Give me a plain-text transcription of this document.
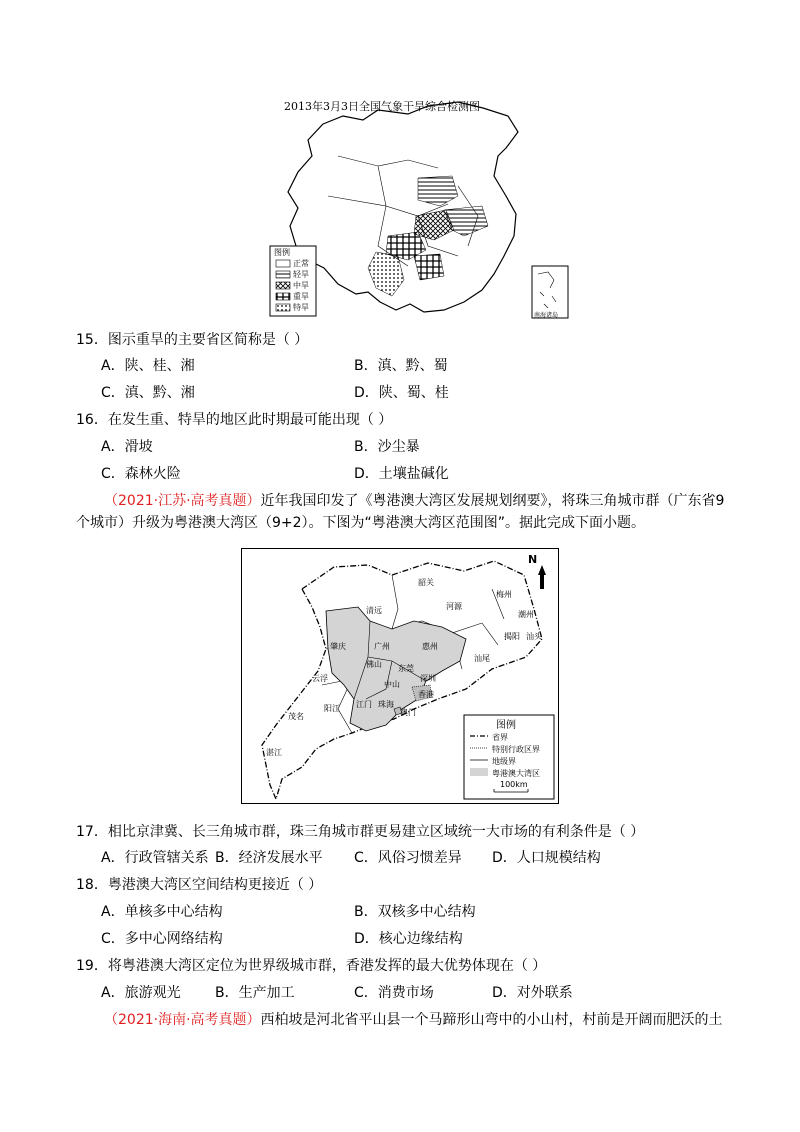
2013年3月3日全国气象干旱综合检测图
图例
正常
轻旱
中旱
重旱
特旱
南海诸岛
15．图示重旱的主要省区简称是（ ）
A．陕、桂、湘	B．滇、黔、蜀
C．滇、黔、湘	D．陕、蜀、桂
16．在发生重、特旱的地区此时期最可能出现（ ）
A．滑坡	B．沙尘暴
C．森林火险	D．土壤盐碱化
（2021·江苏·高考真题）近年我国印发了《粤港澳大湾区发展规划纲要》，将珠三角城市群（广东省9个城市）升级为粤港澳大湾区（9+2）。下图为“粤港澳大湾区范围图”。据此完成下面小题。
N
韶关
清远	河源
梅州
潮州
揭阳 汕头
肇庆	广州	惠州
汕尾
佛山 东莞
深圳
云浮
中山
香港
江门 珠海
澳门
茂名
阳江
湛江
图例
省界
特别行政区界
地级界
粤港澳大湾区
100km
17．相比京津冀、长三角城市群，珠三角城市群更易建立区域统一大市场的有利条件是（ ）
A．行政管辖关系 B．经济发展水平 C．风俗习惯差异 D．人口规模结构
18．粤港澳大湾区空间结构更接近（ ）
A．单核多中心结构	B．双核多中心结构
C．多中心网络结构	D．核心边缘结构
19．将粤港澳大湾区定位为世界级城市群，香港发挥的最大优势体现在（ ）
A．旅游观光 B．生产加工	C．消费市场	D．对外联系
（2021·海南·高考真题）西柏坡是河北省平山县一个马蹄形山弯中的小山村，村前是开阔而肥沃的土
